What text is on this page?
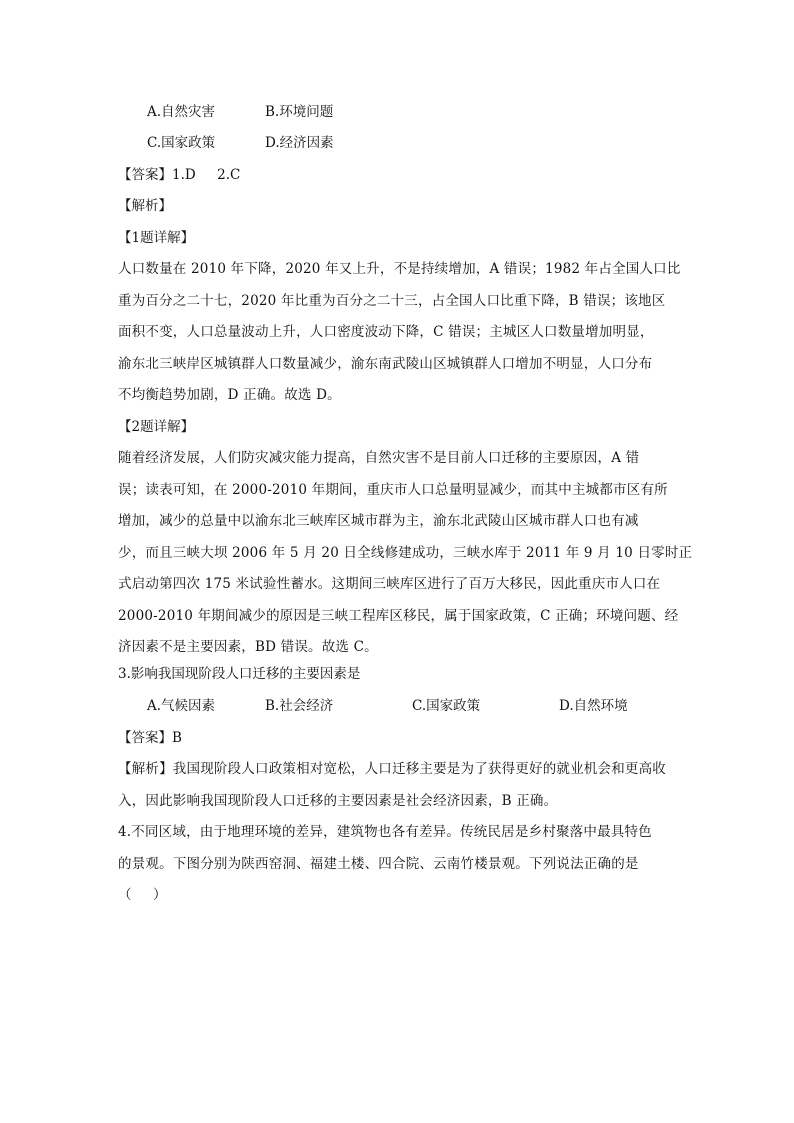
A.自然灾害	B.环境问题
C.国家政策	D.经济因素
【答案】1.D     2.C
【解析】
【1题详解】
人口数量在 2010 年下降，2020 年又上升，不是持续增加，A 错误；1982 年占全国人口比
重为百分之二十七，2020 年比重为百分之二十三，占全国人口比重下降，B 错误；该地区
面积不变，人口总量波动上升，人口密度波动下降，C 错误；主城区人口数量增加明显，
渝东北三峡岸区城镇群人口数量减少，渝东南武陵山区城镇群人口增加不明显，人口分布
不均衡趋势加剧，D 正确。故选 D。
【2题详解】
随着经济发展，人们防灾减灾能力提高，自然灾害不是目前人口迁移的主要原因，A 错
误；读表可知，在 2000-2010 年期间，重庆市人口总量明显减少，而其中主城都市区有所
增加，减少的总量中以渝东北三峡库区城市群为主，渝东北武陵山区城市群人口也有减
少，而且三峡大坝 2006 年 5 月 20 日全线修建成功，三峡水库于 2011 年 9 月 10 日零时正
式启动第四次 175 米试验性蓄水。这期间三峡库区进行了百万大移民，因此重庆市人口在
2000-2010 年期间减少的原因是三峡工程库区移民，属于国家政策，C 正确；环境问题、经
济因素不是主要因素，BD 错误。故选 C。
3.影响我国现阶段人口迁移的主要因素是
A.气候因素	B.社会经济	C.国家政策	D.自然环境
【答案】B
【解析】我国现阶段人口政策相对宽松，人口迁移主要是为了获得更好的就业机会和更高收
入，因此影响我国现阶段人口迁移的主要因素是社会经济因素，B 正确。
4.不同区域，由于地理环境的差异，建筑物也各有差异。传统民居是乡村聚落中最具特色
的景观。下图分别为陕西窑洞、福建土楼、四合院、云南竹楼景观。下列说法正确的是
（     ）
